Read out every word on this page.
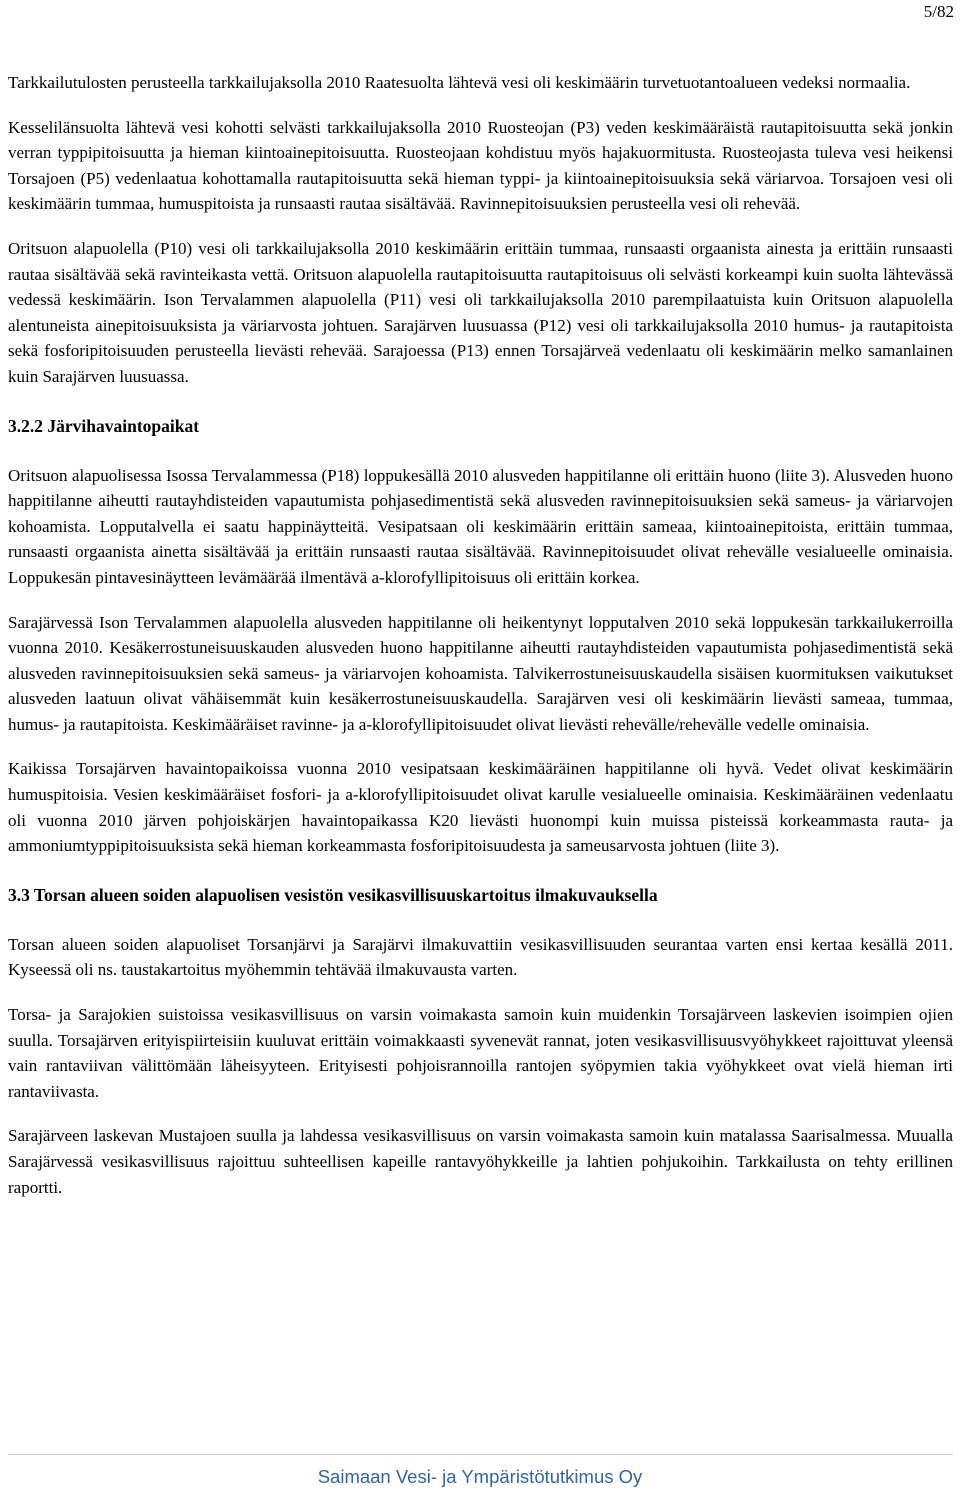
5/82

Tarkkailutulosten perusteella tarkkailujaksolla 2010 Raatesuolta lähtevä vesi oli keskimäärin turvetuotantoalueen vedeksi normaalia.

Kesselilänsuolta lähtevä vesi kohotti selvästi tarkkailujaksolla 2010 Ruosteojan (P3) veden keskimääräistä rautapitoisuutta sekä jonkin verran typpipitoisuutta ja hieman kiintoainepitoisuutta. Ruosteojaan kohdistuu myös hajakuormitusta. Ruosteojasta tuleva vesi heikensi Torsajoen (P5) vedenlaatua kohottamalla rautapitoisuutta sekä hieman typpi- ja kiintoainepitoisuuksia sekä väriarvoa. Torsajoen vesi oli keskimäärin tummaa, humuspitoista ja runsaasti rautaa sisältävää. Ravinnepitoisuuksien perusteella vesi oli rehevää.

Oritsuon alapuolella (P10) vesi oli tarkkailujaksolla 2010 keskimäärin erittäin tummaa, runsaasti orgaanista ainesta ja erittäin runsaasti rautaa sisältävää sekä ravinteikasta vettä. Oritsuon alapuolella rautapitoisuutta rautapitoisuus oli selvästi korkeampi kuin suolta lähtevässä vedessä keskimäärin. Ison Tervalammen alapuolella (P11) vesi oli tarkkailujaksolla 2010 parempilaatuista kuin Oritsuon alapuolella alentuneista ainepitoisuuksista ja väriarvosta johtuen. Sarajärven luusuassa (P12) vesi oli tarkkailujaksolla 2010 humus- ja rautapitoista sekä fosforipitoisuuden perusteella lievästi rehevää. Sarajoessa (P13) ennen Torsajärveä vedenlaatu oli keskimäärin melko samanlainen kuin Sarajärven luusuassa.

3.2.2 Järvihavaintopaikat

Oritsuon alapuolisessa Isossa Tervalammessa (P18) loppukesällä 2010 alusveden happitilanne oli erittäin huono (liite 3). Alusveden huono happitilanne aiheutti rautayhdisteiden vapautumista pohjasedimentistä sekä alusveden ravinnepitoisuuksien sekä sameus- ja väriarvojen kohoamista. Lopputalvella ei saatu happinäytteitä. Vesipatsaan oli keskimäärin erittäin sameaa, kiintoainepitoista, erittäin tummaa, runsaasti orgaanista ainetta sisältävää ja erittäin runsaasti rautaa sisältävää. Ravinnepitoisuudet olivat rehevälle vesialueelle ominaisia. Loppukesän pintavesinäytteen levämäärää ilmentävä a-klorofyllipitoisuus oli erittäin korkea.

Sarajärvessä Ison Tervalammen alapuolella alusveden happitilanne oli heikentynyt lopputalven 2010 sekä loppukesän tarkkailukerroilla vuonna 2010. Kesäkerrostuneisuuskauden alusveden huono happitilanne aiheutti rautayhdisteiden vapautumista pohjasedimentistä sekä alusveden ravinnepitoisuuksien sekä sameus- ja väriarvojen kohoamista. Talvikerrostuneisuuskaudella sisäisen kuormituksen vaikutukset alusveden laatuun olivat vähäisemmät kuin kesäkerrostuneisuuskaudella. Sarajärven vesi oli keskimäärin lievästi sameaa, tummaa, humus- ja rautapitoista. Keskimääräiset ravinne- ja a-klorofyllipitoisuudet olivat lievästi rehevälle/rehevälle vedelle ominaisia.

Kaikissa Torsajärven havaintopaikoissa vuonna 2010 vesipatsaan keskimääräinen happitilanne oli hyvä. Vedet olivat keskimäärin humuspitoisia. Vesien keskimääräiset fosfori- ja a-klorofyllipitoisuudet olivat karulle vesialueelle ominaisia. Keskimääräinen vedenlaatu oli vuonna 2010 järven pohjoiskärjen havaintopaikassa K20 lievästi huonompi kuin muissa pisteissä korkeammasta rauta- ja ammoniumtyppipitoisuuksista sekä hieman korkeammasta fosforipitoisuudesta ja sameusarvosta johtuen (liite 3).

3.3 Torsan alueen soiden alapuolisen vesistön vesikasvillisuuskartoitus ilmakuvauksella

Torsan alueen soiden alapuoliset Torsanjärvi ja Sarajärvi ilmakuvattiin vesikasvillisuuden seurantaa varten ensi kertaa kesällä 2011. Kyseessä oli ns. taustakartoitus myöhemmin tehtävää ilmakuvausta varten.

Torsa- ja Sarajokien suistoissa vesikasvillisuus on varsin voimakasta samoin kuin muidenkin Torsajärveen laskevien isoimpien ojien suulla. Torsajärven erityispiirteisiin kuuluvat erittäin voimakkaasti syvenevät rannat, joten vesikasvillisuusvyöhykkeet rajoittuvat yleensä vain rantaviivan välittömään läheisyyteen. Erityisesti pohjoisrannoilla rantojen syöpymien takia vyöhykkeet ovat vielä hieman irti rantaviivasta.

Sarajärveen laskevan Mustajoen suulla ja lahdessa vesikasvillisuus on varsin voimakasta samoin kuin matalassa Saarisalmessa. Muualla Sarajärvessä vesikasvillisuus rajoittuu suhteellisen kapeille rantavyöhykkeille ja lahtien pohjukoihin. Tarkkailusta on tehty erillinen raportti.

Saimaan Vesi- ja Ympäristötutkimus Oy
